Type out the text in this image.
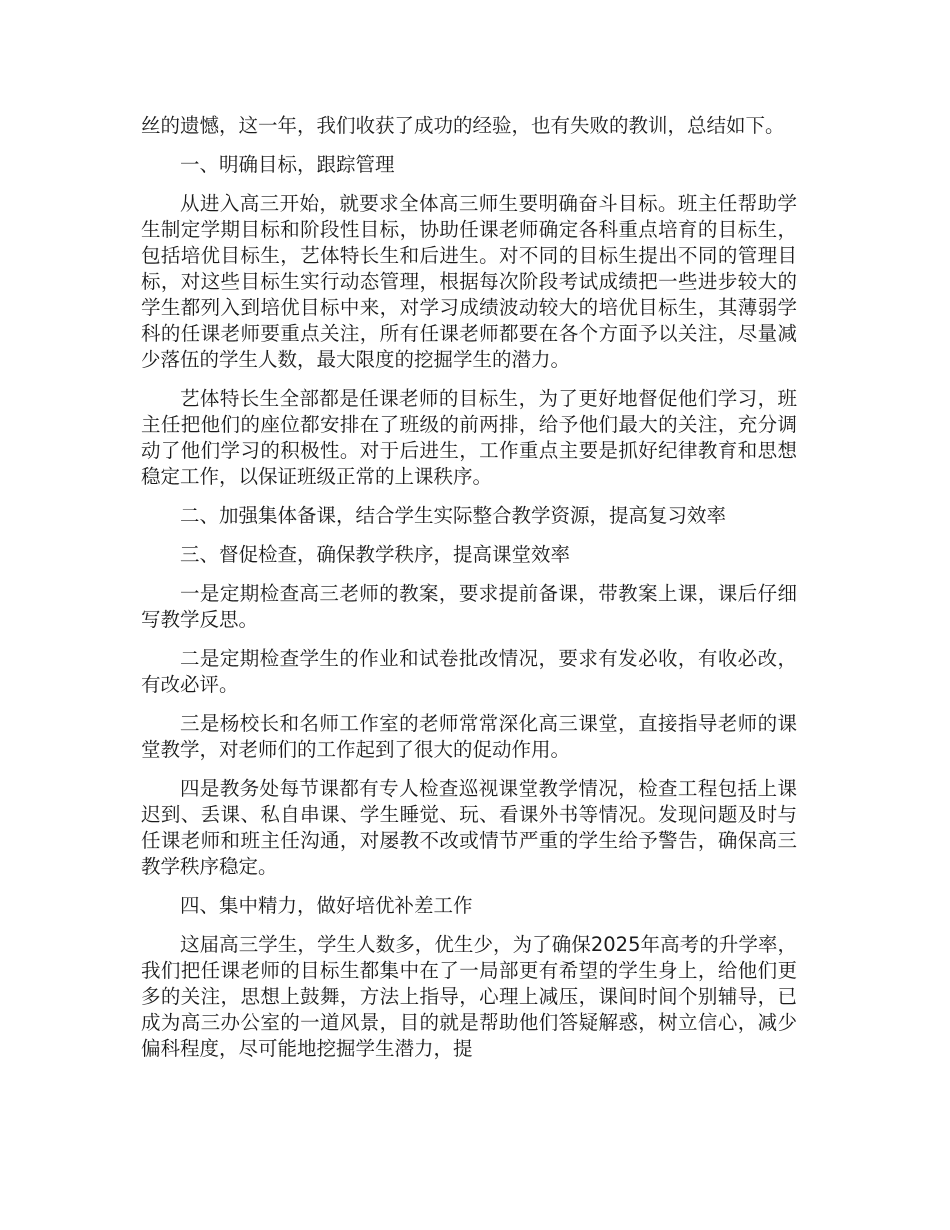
丝的遗憾，这一年，我们收获了成功的经验，也有失败的教训，总结如下。

一、明确目标，跟踪管理

从进入高三开始，就要求全体高三师生要明确奋斗目标。班主任帮助学生制定学期目标和阶段性目标，协助任课老师确定各科重点培育的目标生，包括培优目标生，艺体特长生和后进生。对不同的目标生提出不同的管理目标，对这些目标生实行动态管理，根据每次阶段考试成绩把一些进步较大的学生都列入到培优目标中来，对学习成绩波动较大的培优目标生，其薄弱学科的任课老师要重点关注，所有任课老师都要在各个方面予以关注，尽量减少落伍的学生人数，最大限度的挖掘学生的潜力。

艺体特长生全部都是任课老师的目标生，为了更好地督促他们学习，班主任把他们的座位都安排在了班级的前两排，给予他们最大的关注，充分调动了他们学习的积极性。对于后进生，工作重点主要是抓好纪律教育和思想稳定工作，以保证班级正常的上课秩序。

二、加强集体备课，结合学生实际整合教学资源，提高复习效率

三、督促检查，确保教学秩序，提高课堂效率

一是定期检查高三老师的教案，要求提前备课，带教案上课，课后仔细写教学反思。

二是定期检查学生的作业和试卷批改情况，要求有发必收，有收必改，有改必评。

三是杨校长和名师工作室的老师常常深化高三课堂，直接指导老师的课堂教学，对老师们的工作起到了很大的促动作用。

四是教务处每节课都有专人检查巡视课堂教学情况，检查工程包括上课迟到、丢课、私自串课、学生睡觉、玩、看课外书等情况。发现问题及时与任课老师和班主任沟通，对屡教不改或情节严重的学生给予警告，确保高三教学秩序稳定。

四、集中精力，做好培优补差工作

这届高三学生，学生人数多，优生少，为了确保2025年高考的升学率，我们把任课老师的目标生都集中在了一局部更有希望的学生身上，给他们更多的关注，思想上鼓舞，方法上指导，心理上减压，课间时间个别辅导，已成为高三办公室的一道风景，目的就是帮助他们答疑解惑，树立信心，减少偏科程度，尽可能地挖掘学生潜力，提
